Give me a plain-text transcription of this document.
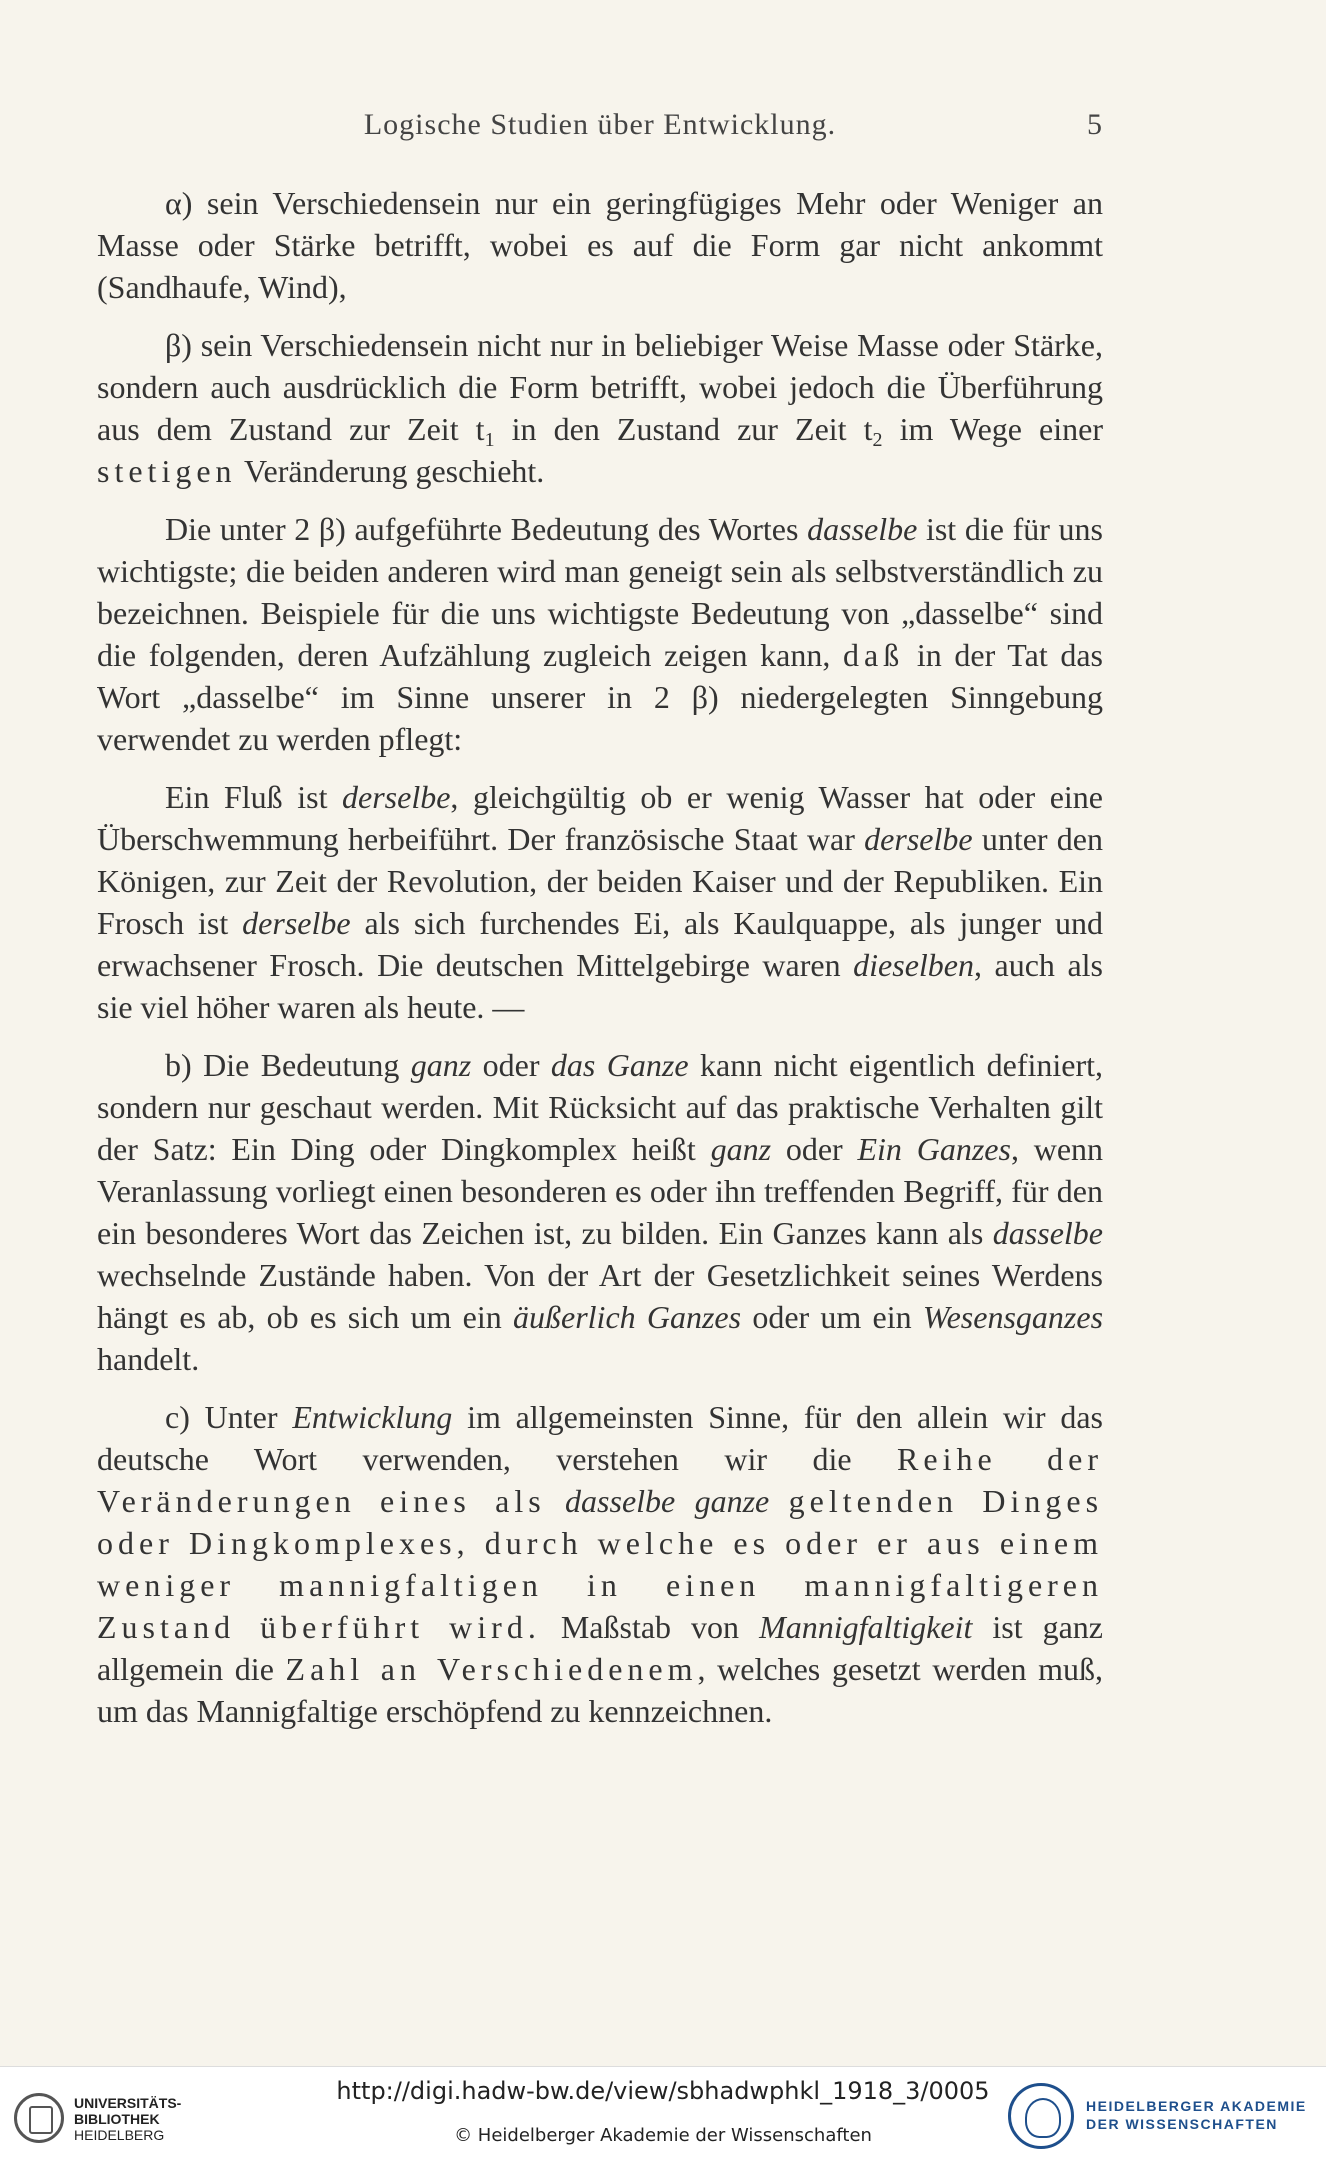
Logische Studien über Entwicklung.	5

α) sein Verschiedensein nur ein geringfügiges Mehr oder Weniger an Masse oder Stärke betrifft, wobei es auf die Form gar nicht ankommt (Sandhaufe, Wind),

β) sein Verschiedensein nicht nur in beliebiger Weise Masse oder Stärke, sondern auch ausdrücklich die Form betrifft, wobei jedoch die Überführung aus dem Zustand zur Zeit $t_1$ in den Zustand zur Zeit $t_2$ im Wege einer stetigen Veränderung geschieht.

Die unter 2 β) aufgeführte Bedeutung des Wortes dasselbe ist die für uns wichtigste; die beiden anderen wird man geneigt sein als selbstverständlich zu bezeichnen. Beispiele für die uns wichtigste Bedeutung von „dasselbe“ sind die folgenden, deren Aufzählung zugleich zeigen kann, daß in der Tat das Wort „dasselbe“ im Sinne unserer in 2 β) niedergelegten Sinngebung verwendet zu werden pflegt:

Ein Fluß ist derselbe, gleichgültig ob er wenig Wasser hat oder eine Überschwemmung herbeiführt. Der französische Staat war derselbe unter den Königen, zur Zeit der Revolution, der beiden Kaiser und der Republiken. Ein Frosch ist derselbe als sich furchendes Ei, als Kaulquappe, als junger und erwachsener Frosch. Die deutschen Mittelgebirge waren dieselben, auch als sie viel höher waren als heute. —

b) Die Bedeutung ganz oder das Ganze kann nicht eigentlich definiert, sondern nur geschaut werden. Mit Rücksicht auf das praktische Verhalten gilt der Satz: Ein Ding oder Dingkomplex heißt ganz oder Ein Ganzes, wenn Veranlassung vorliegt einen besonderen es oder ihn treffenden Begriff, für den ein besonderes Wort das Zeichen ist, zu bilden. Ein Ganzes kann als dasselbe wechselnde Zustände haben. Von der Art der Gesetzlichkeit seines Werdens hängt es ab, ob es sich um ein äußerlich Ganzes oder um ein Wesensganzes handelt.

c) Unter Entwicklung im allgemeinsten Sinne, für den allein wir das deutsche Wort verwenden, verstehen wir die Reihe der Veränderungen eines als dasselbe ganze geltenden Dinges oder Dingkomplexes, durch welche es oder er aus einem weniger mannigfaltigen in einen mannigfaltigeren Zustand überführt wird. Maßstab von Mannigfaltigkeit ist ganz allgemein die Zahl an Verschiedenem, welches gesetzt werden muß, um das Mannigfaltige erschöpfend zu kennzeichnen.

UNIVERSITÄTS-
BIBLIOTHEK
HEIDELBERG
http://digi.hadw-bw.de/view/sbhadwphkl_1918_3/0005
© Heidelberger Akademie der Wissenschaften
HEIDELBERGER AKADEMIE
DER WISSENSCHAFTEN
